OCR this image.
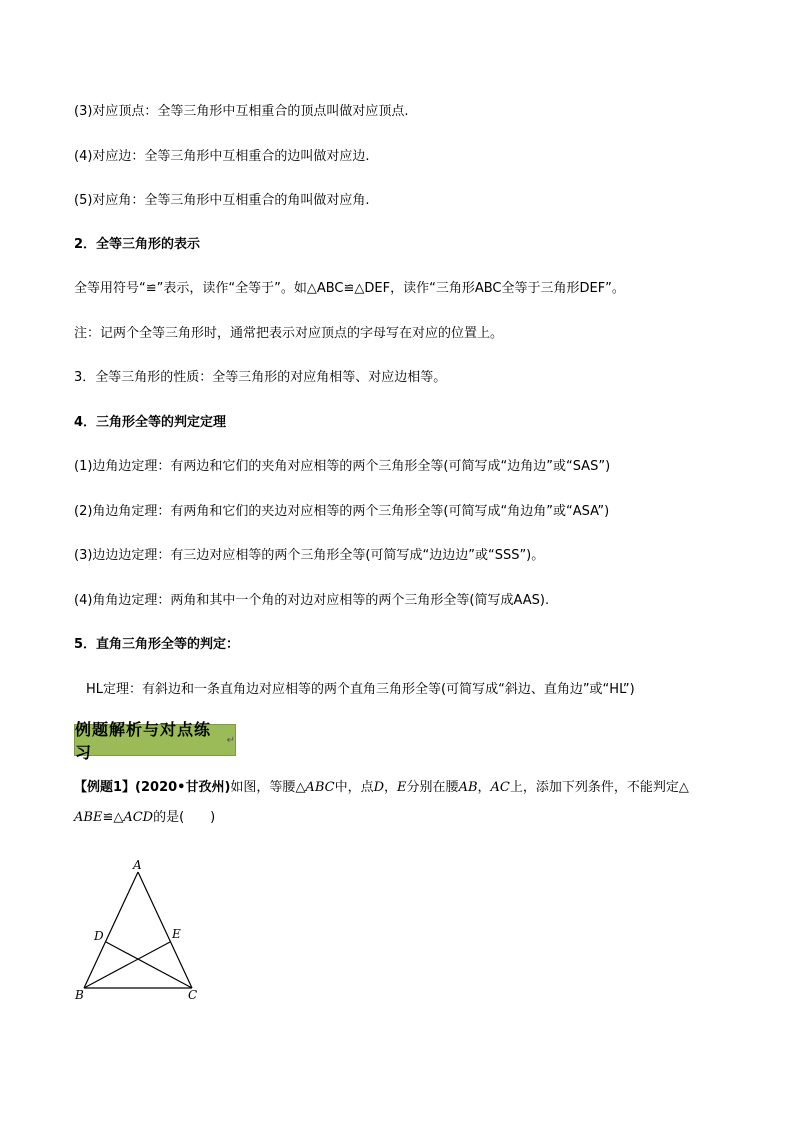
(3)对应顶点：全等三角形中互相重合的顶点叫做对应顶点.
(4)对应边：全等三角形中互相重合的边叫做对应边.
(5)对应角：全等三角形中互相重合的角叫做对应角.
2．全等三角形的表示
全等用符号“≌”表示，读作“全等于”。如△ABC≌△DEF，读作“三角形ABC全等于三角形DEF”。
注：记两个全等三角形时，通常把表示对应顶点的字母写在对应的位置上。
3．全等三角形的性质：全等三角形的对应角相等、对应边相等。
4．三角形全等的判定定理
(1)边角边定理：有两边和它们的夹角对应相等的两个三角形全等(可简写成“边角边”或“SAS”)
(2)角边角定理：有两角和它们的夹边对应相等的两个三角形全等(可简写成“角边角”或“ASA”)
(3)边边边定理：有三边对应相等的两个三角形全等(可简写成“边边边”或“SSS”)。
(4)角角边定理：两角和其中一个角的对边对应相等的两个三角形全等(简写成AAS).
5．直角三角形全等的判定：
HL定理：有斜边和一条直角边对应相等的两个直角三角形全等(可简写成“斜边、直角边”或“HL”)
例题解析与对点练习
↵
【例题1】(2020•甘孜州)如图，等腰△ABC中，点D，E分别在腰AB，AC上，添加下列条件，不能判定△
ABE≌△ACD的是(　　)
A
B	C
D	E
